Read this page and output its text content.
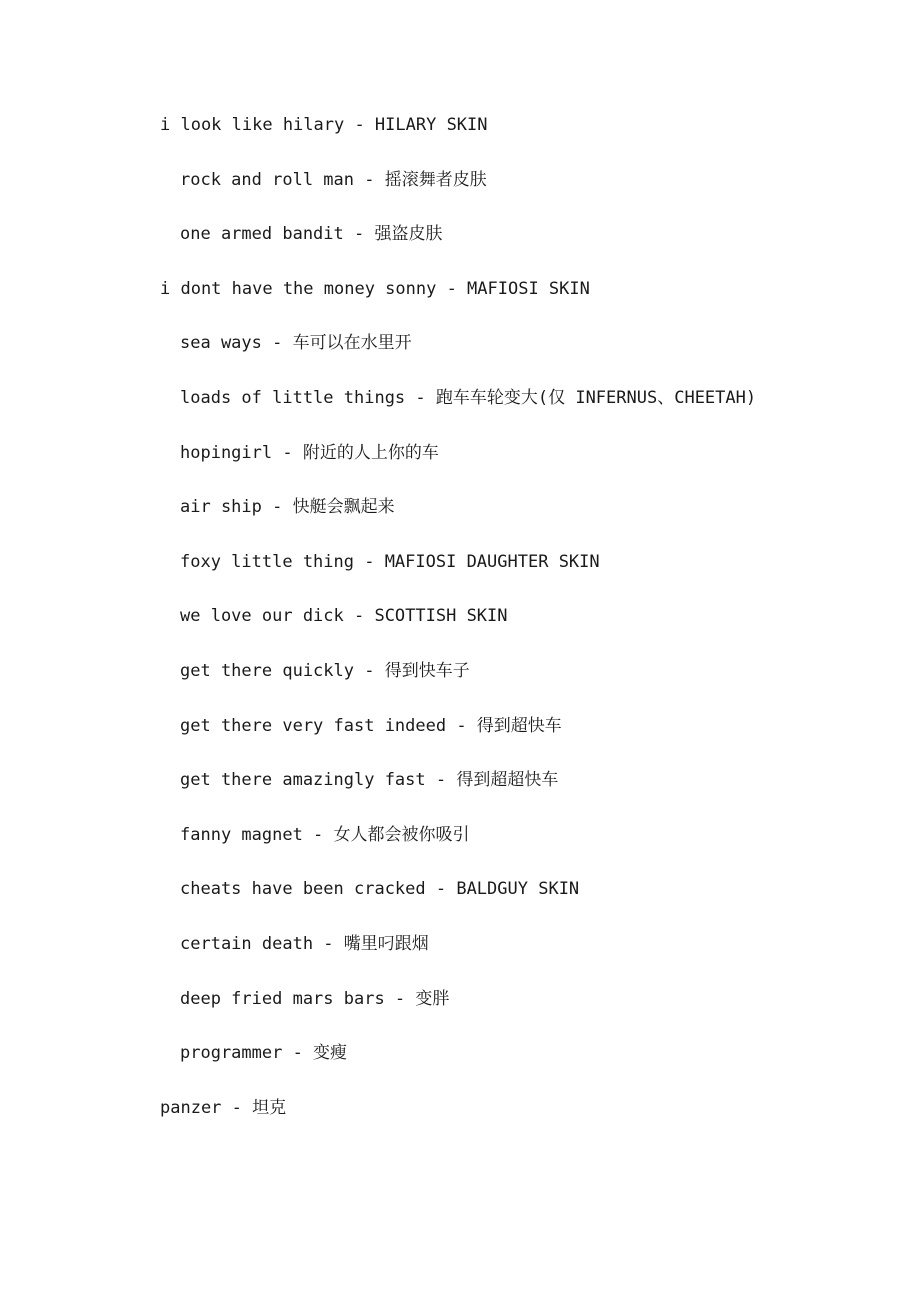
i look like hilary - HILARY SKIN
rock and roll man - 摇滚舞者皮肤
one armed bandit - 强盗皮肤
i dont have the money sonny - MAFIOSI SKIN
sea ways - 车可以在水里开
loads of little things - 跑车车轮变大(仅 INFERNUS、CHEETAH)
hopingirl - 附近的人上你的车
air ship - 快艇会飘起来
foxy little thing - MAFIOSI DAUGHTER SKIN
we love our dick - SCOTTISH SKIN
get there quickly - 得到快车子
get there very fast indeed - 得到超快车
get there amazingly fast - 得到超超快车
fanny magnet - 女人都会被你吸引
cheats have been cracked - BALDGUY SKIN
certain death - 嘴里叼跟烟
deep fried mars bars - 变胖
programmer - 变瘦
panzer - 坦克
